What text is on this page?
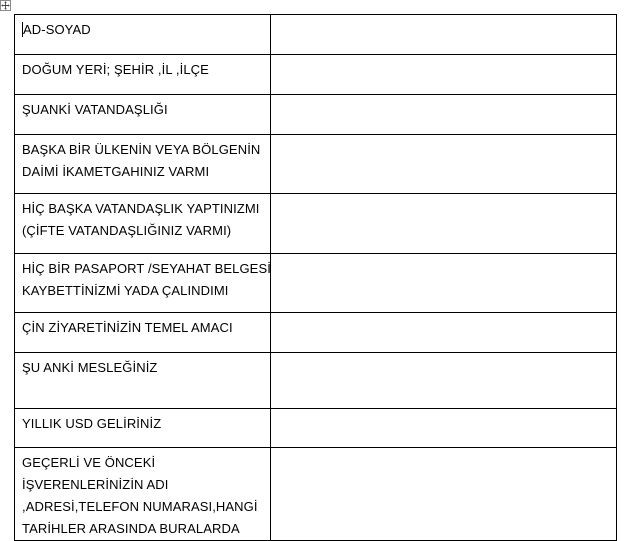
AD-SOYAD	

DOĞUM YERİ; ŞEHİR ,İL ,İLÇE	

ŞUANKİ VATANDAŞLIĞI	

BAŞKA BİR ÜLKENİN VEYA BÖLGENİN
DAİMİ İKAMETGAHINIZ VARMI	

HİÇ BAŞKA VATANDAŞLIK YAPTINIZMI
(ÇİFTE VATANDAŞLIĞINIZ VARMI)	

HİÇ BİR PASAPORT /SEYAHAT BELGESİ
KAYBETTİNİZMİ YADA ÇALINDIMI	

ÇİN ZİYARETİNİZİN TEMEL AMACI	

ŞU ANKİ MESLEĞİNİZ	

YILLIK USD GELİRİNİZ	

GEÇERLİ VE ÖNCEKİ
İŞVERENLERİNİZİN ADI
,ADRESİ,TELEFON NUMARASI,HANGİ
TARİHLER ARASINDA BURALARDA	
